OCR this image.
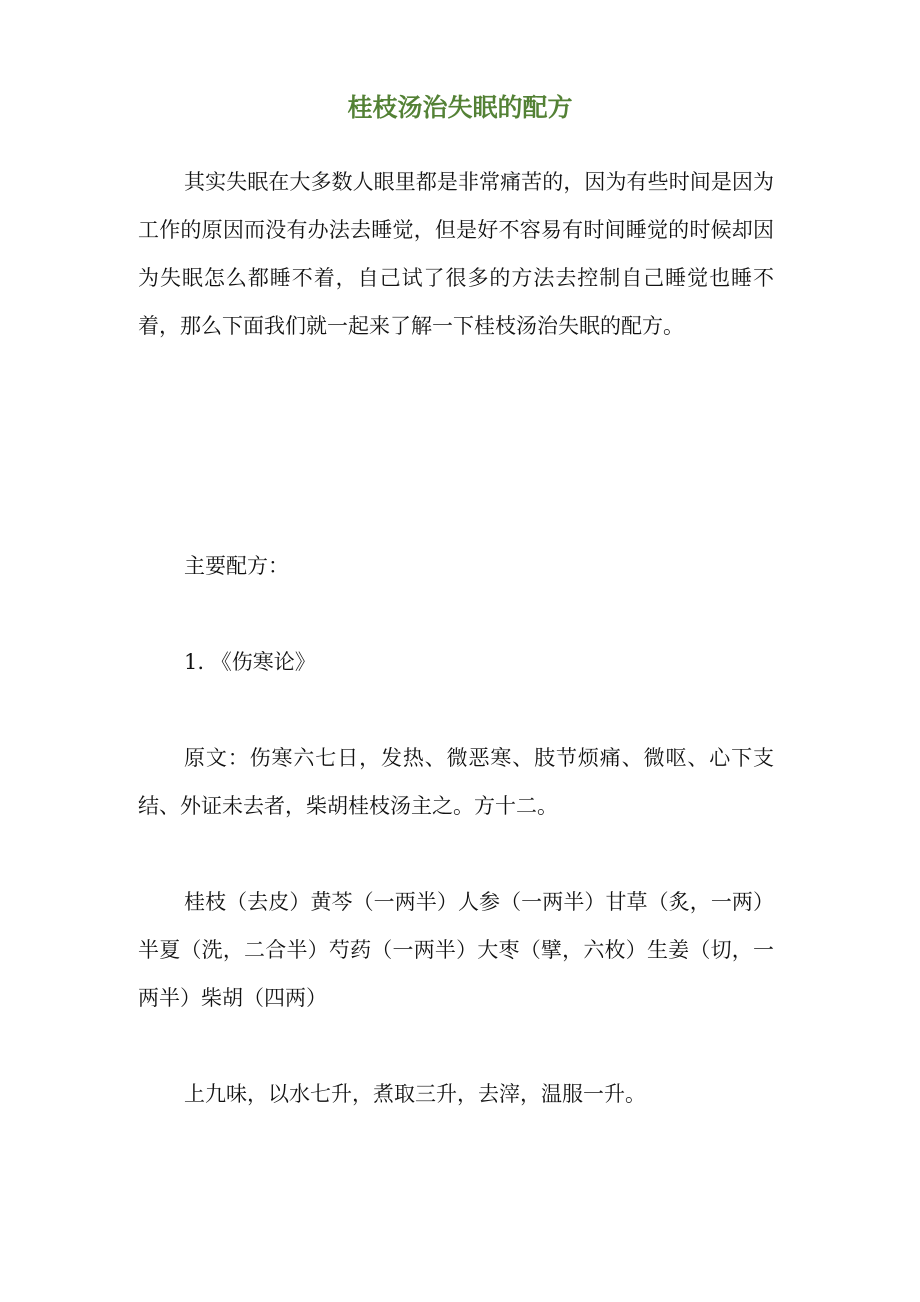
桂枝汤治失眠的配方

其实失眠在大多数人眼里都是非常痛苦的，因为有些时间是因为工作的原因而没有办法去睡觉，但是好不容易有时间睡觉的时候却因为失眠怎么都睡不着，自己试了很多的方法去控制自己睡觉也睡不着，那么下面我们就一起来了解一下桂枝汤治失眠的配方。

主要配方：

1. 《伤寒论》

原文：伤寒六七日，发热、微恶寒、肢节烦痛、微呕、心下支结、外证未去者，柴胡桂枝汤主之。方十二。

桂枝（去皮）黄芩（一两半）人参（一两半）甘草（炙，一两）半夏（洗，二合半）芍药（一两半）大枣（擘，六枚）生姜（切，一两半）柴胡（四两）

上九味，以水七升，煮取三升，去滓，温服一升。
